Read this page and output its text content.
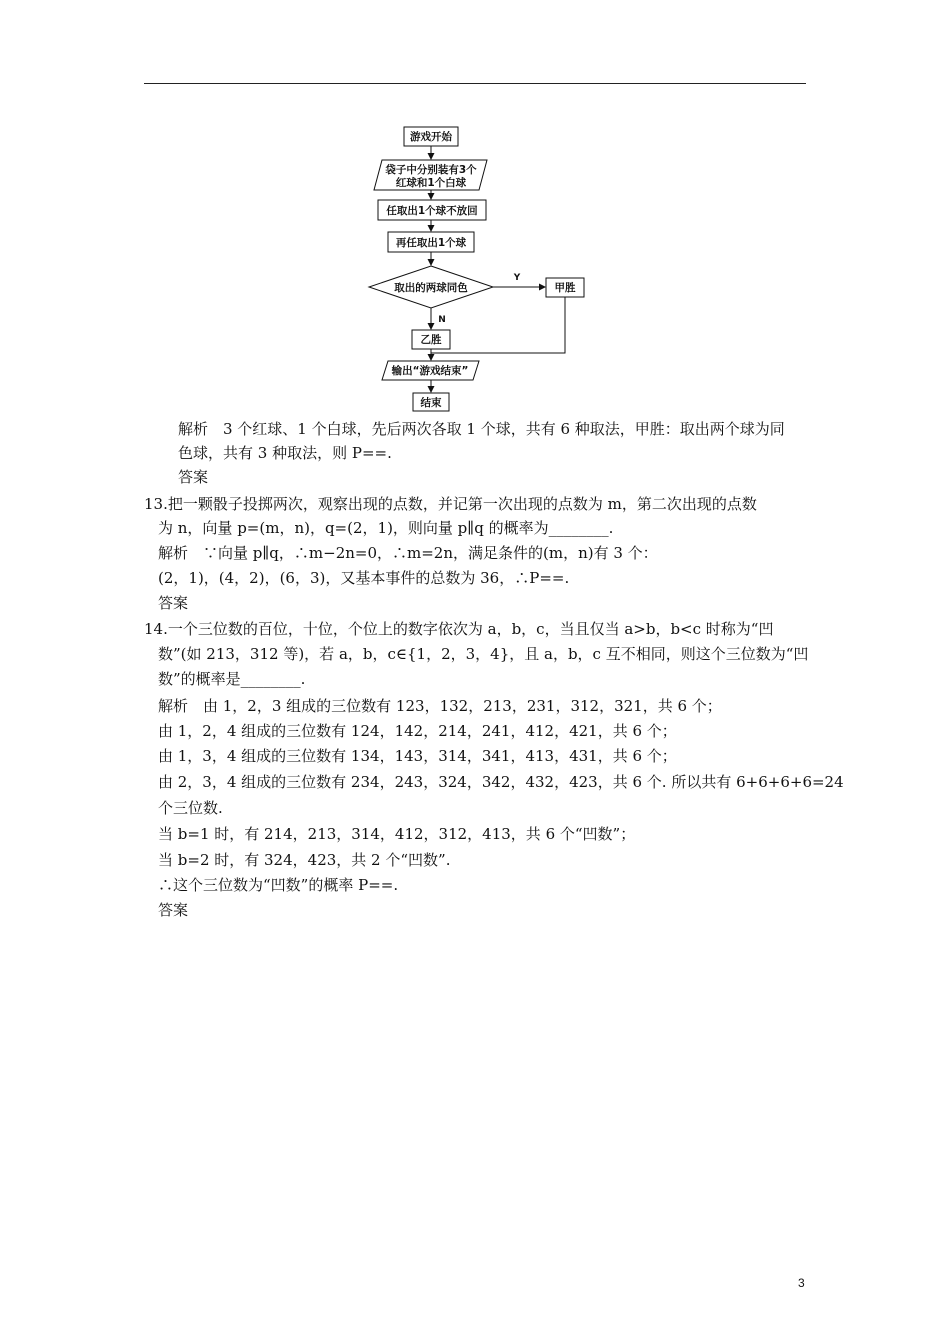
游戏开始
袋子中分别装有3个
红球和1个白球
任取出1个球不放回
再任取出1个球
取出的两球同色
Y
N
甲胜
乙胜
输出“游戏结束”
结束
解析　3 个红球、1 个白球，先后两次各取 1 个球，共有 6 种取法，甲胜：取出两个球为同
色球，共有 3 种取法，则 P==.
答案
13.把一颗骰子投掷两次，观察出现的点数，并记第一次出现的点数为 m，第二次出现的点数
为 n，向量 p=(m，n)，q=(2，1)，则向量 p∥q 的概率为________.
解析　∵向量 p∥q，∴m−2n=0，∴m=2n，满足条件的(m，n)有 3 个：
(2，1)，(4，2)，(6，3)，又基本事件的总数为 36，∴P==.
答案
14.一个三位数的百位，十位，个位上的数字依次为 a，b，c，当且仅当 a>b，b<c 时称为“凹
数”(如 213，312 等)，若 a，b，c∈{1，2，3，4}，且 a，b，c 互不相同，则这个三位数为“凹
数”的概率是________.
解析　由 1，2，3 组成的三位数有 123，132，213，231，312，321，共 6 个；
由 1，2，4 组成的三位数有 124，142，214，241，412，421，共 6 个；
由 1，3，4 组成的三位数有 134，143，314，341，413，431，共 6 个；
由 2，3，4 组成的三位数有 234，243，324，342，432，423，共 6 个. 所以共有 6+6+6+6=24
个三位数.
当 b=1 时，有 214，213，314，412，312，413，共 6 个“凹数”；
当 b=2 时，有 324，423，共 2 个“凹数”.
∴这个三位数为“凹数”的概率 P==.
答案
3
